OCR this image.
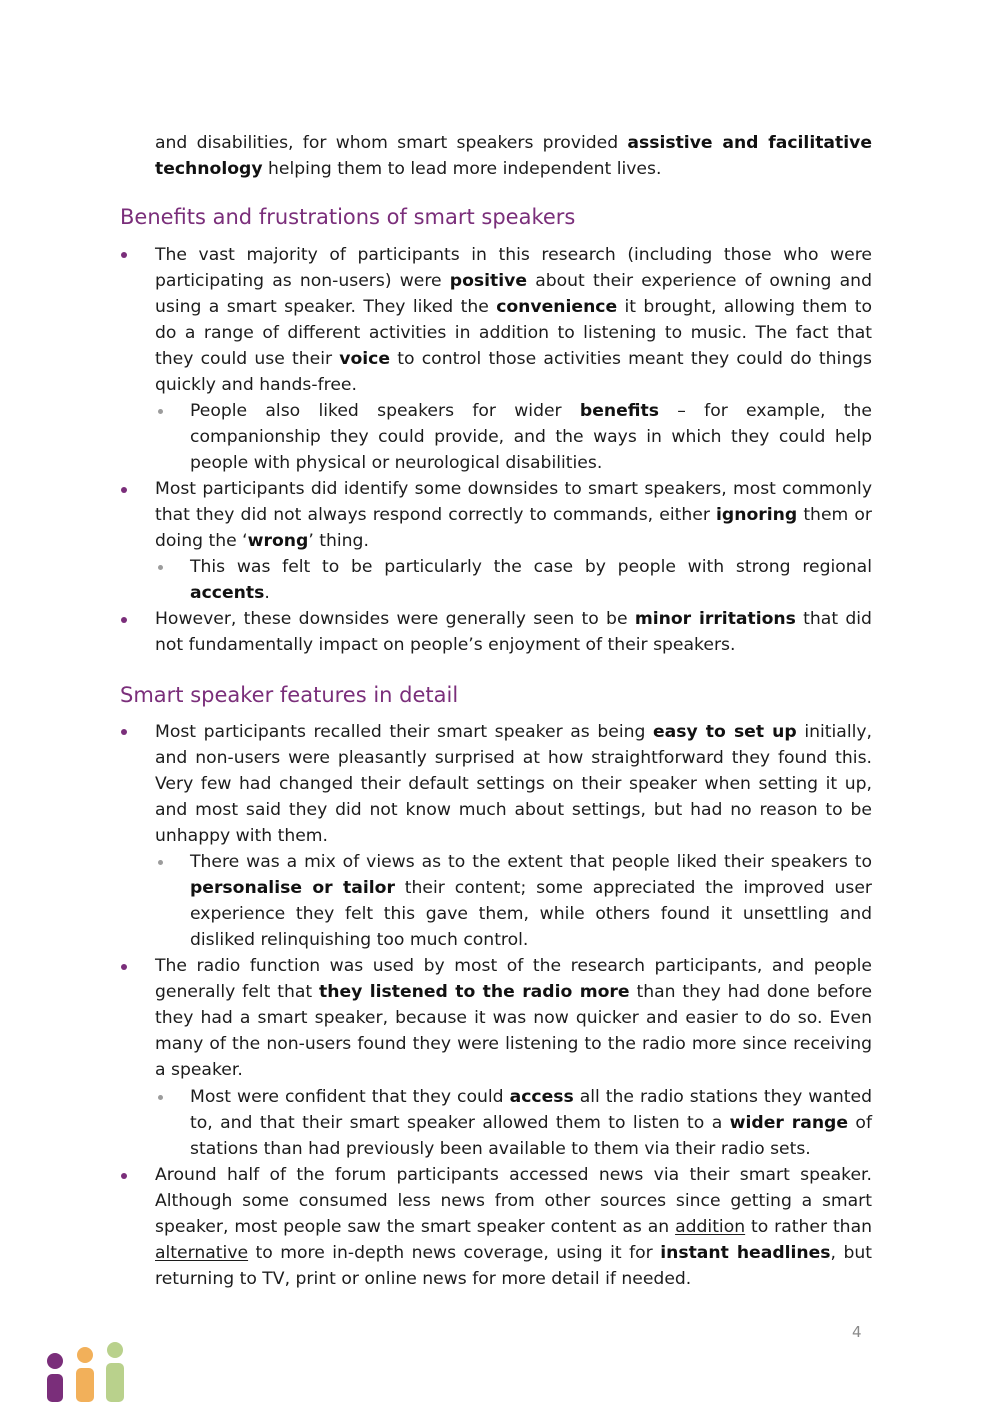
and disabilities, for whom smart speakers provided assistive and facilitative technology helping them to lead more independent lives.

Benefits and frustrations of smart speakers

The vast majority of participants in this research (including those who were participating as non-users) were positive about their experience of owning and using a smart speaker. They liked the convenience it brought, allowing them to do a range of different activities in addition to listening to music. The fact that they could use their voice to control those activities meant they could do things quickly and hands-free.

People also liked speakers for wider benefits – for example, the companionship they could provide, and the ways in which they could help people with physical or neurological disabilities.

Most participants did identify some downsides to smart speakers, most commonly that they did not always respond correctly to commands, either ignoring them or doing the ‘wrong’ thing.

This was felt to be particularly the case by people with strong regional accents.

However, these downsides were generally seen to be minor irritations that did not fundamentally impact on people’s enjoyment of their speakers.

Smart speaker features in detail

Most participants recalled their smart speaker as being easy to set up initially, and non-users were pleasantly surprised at how straightforward they found this. Very few had changed their default settings on their speaker when setting it up, and most said they did not know much about settings, but had no reason to be unhappy with them.

There was a mix of views as to the extent that people liked their speakers to personalise or tailor their content; some appreciated the improved user experience they felt this gave them, while others found it unsettling and disliked relinquishing too much control.

The radio function was used by most of the research participants, and people generally felt that they listened to the radio more than they had done before they had a smart speaker, because it was now quicker and easier to do so. Even many of the non-users found they were listening to the radio more since receiving a speaker.

Most were confident that they could access all the radio stations they wanted to, and that their smart speaker allowed them to listen to a wider range of stations than had previously been available to them via their radio sets.

Around half of the forum participants accessed news via their smart speaker. Although some consumed less news from other sources since getting a smart speaker, most people saw the smart speaker content as an addition to rather than alternative to more in-depth news coverage, using it for instant headlines, but returning to TV, print or online news for more detail if needed.

4
